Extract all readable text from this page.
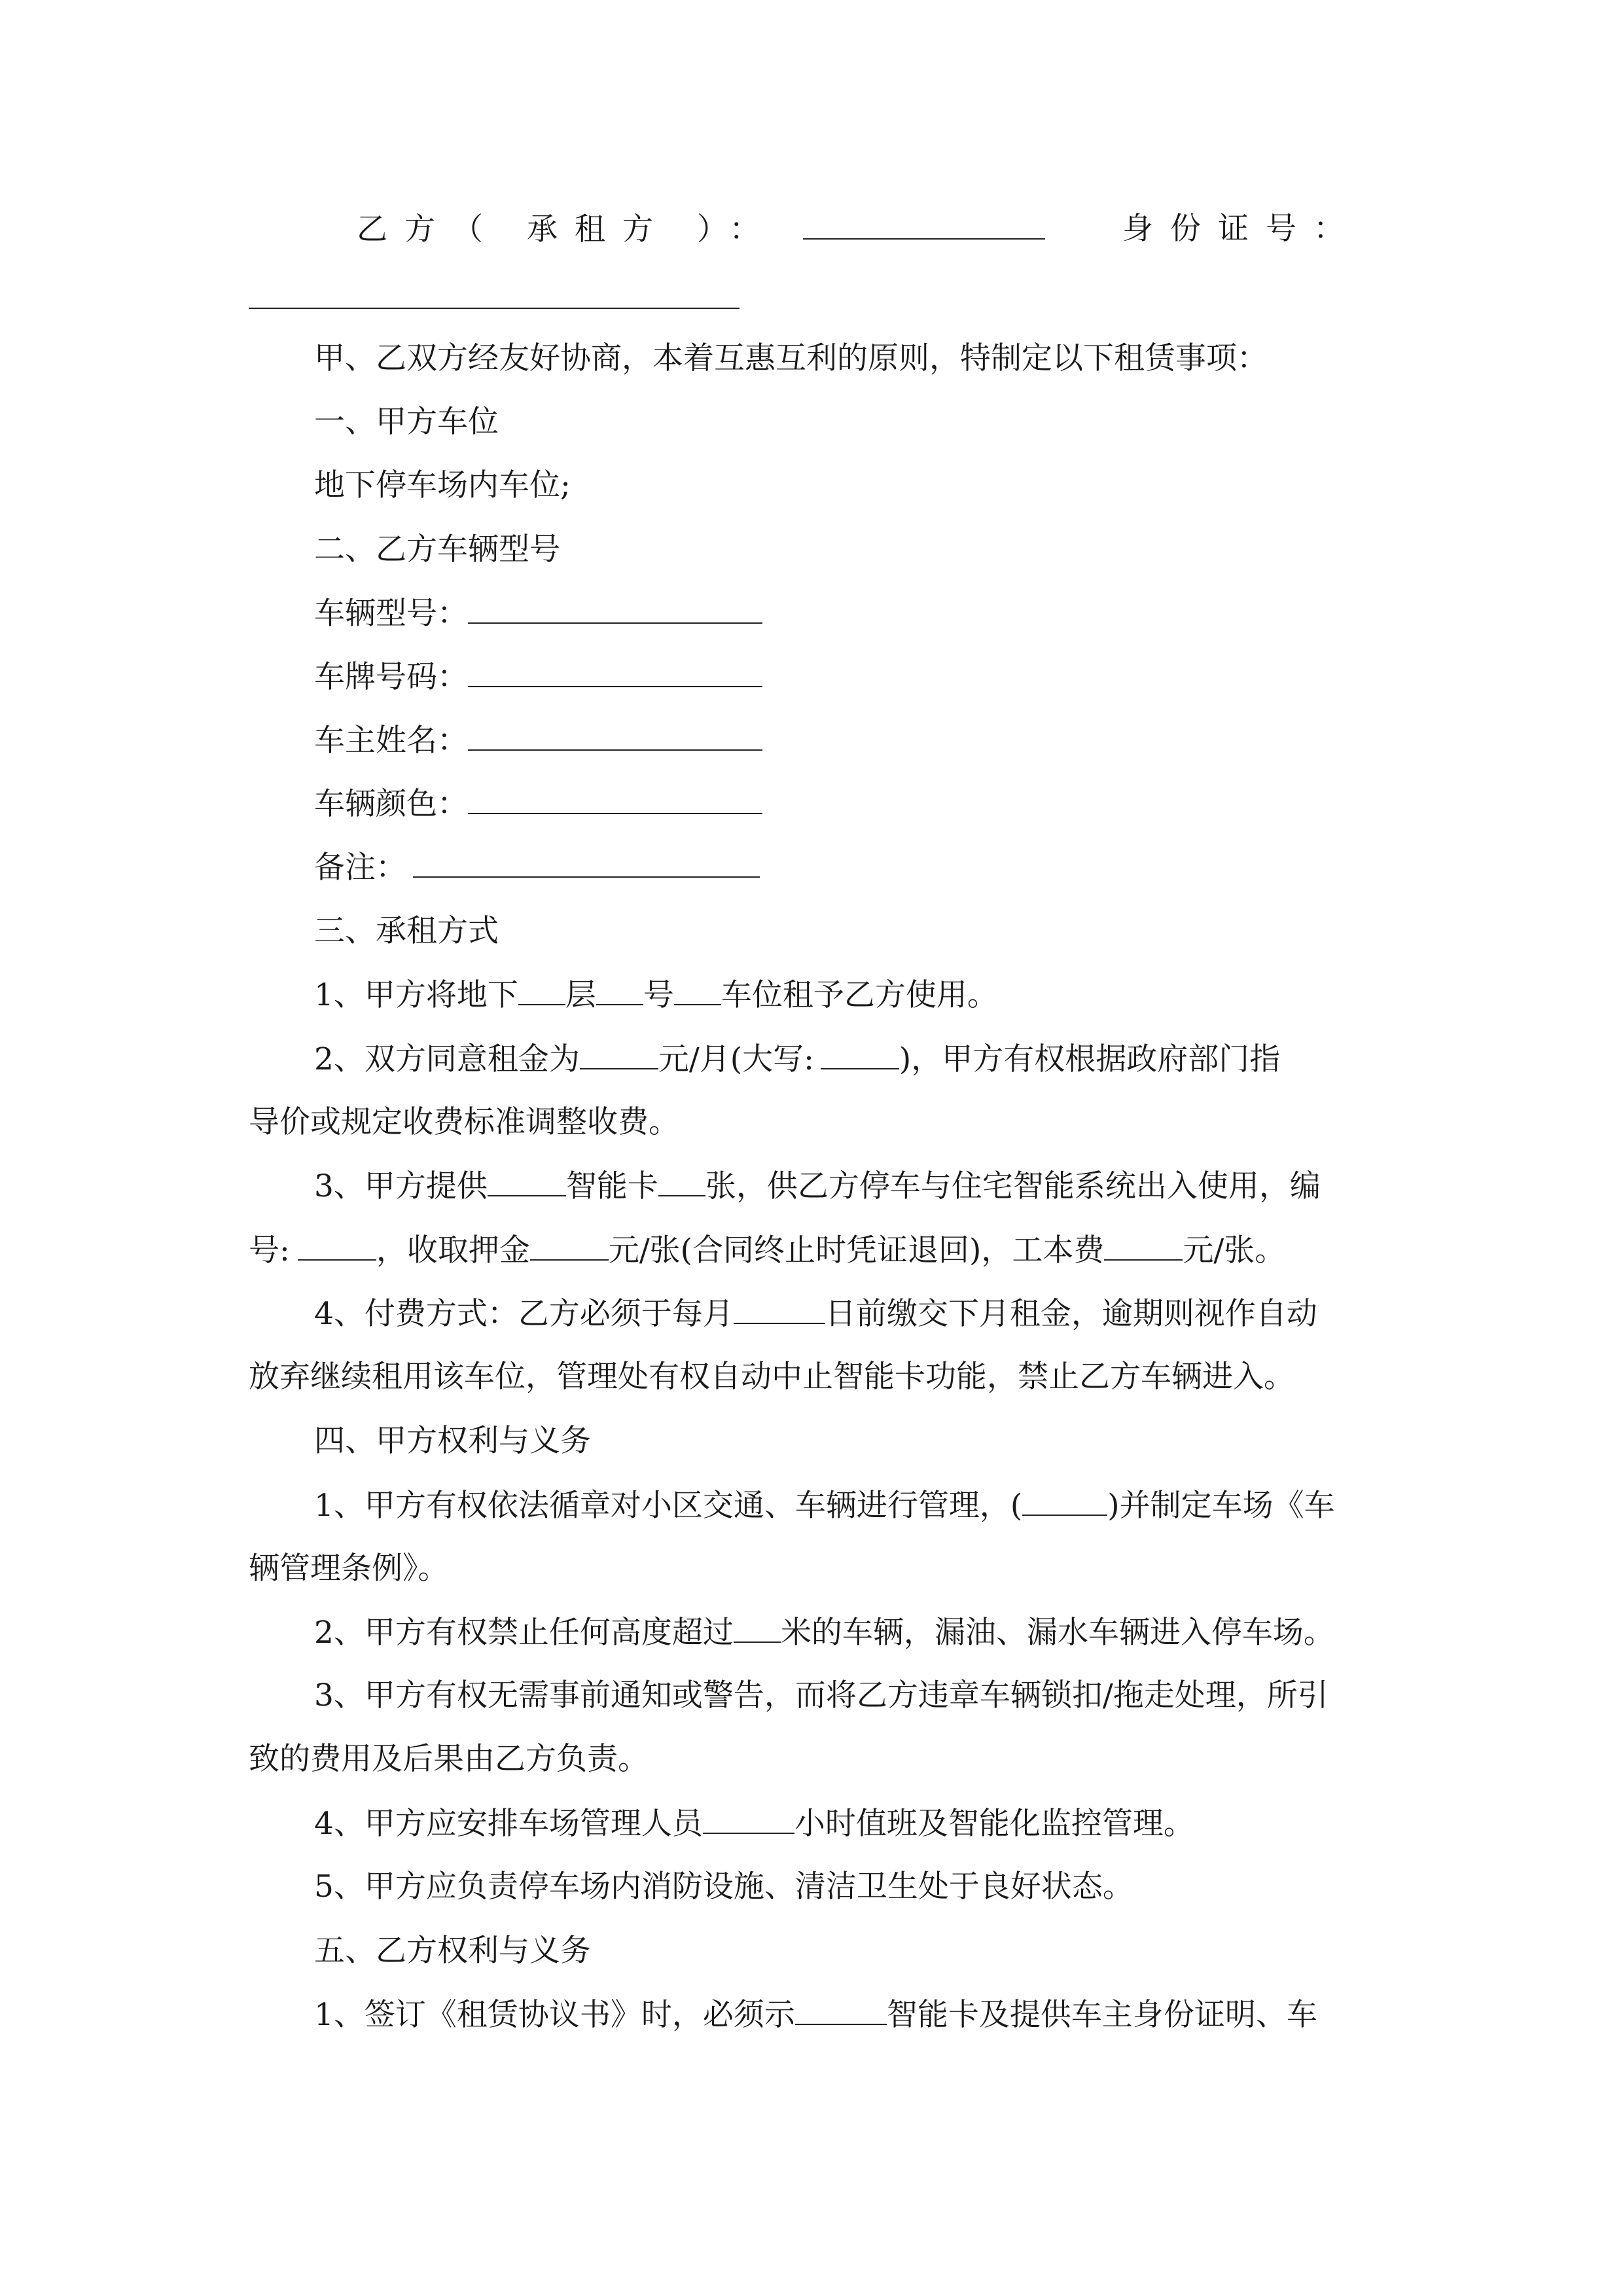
乙方（ 承租方 ）：	身份证号：
甲、乙双方经友好协商，本着互惠互利的原则，特制定以下租赁事项：
一、甲方车位
地下停车场内车位;
二、乙方车辆型号
车辆型号：
车牌号码：
车主姓名：
车辆颜色：
备注：
三、承租方式
1、甲方将地下 层 号 车位租予乙方使用。
2、双方同意租金为	元/月(大写:	)，甲方有权根据政府部门指
导价或规定收费标准调整收费。
3、甲方提供	智能卡 张，供乙方停车与住宅智能系统出入使用，编
号:	，收取押金	元/张(合同终止时凭证退回)，工本费	元/张。
4、付费方式：乙方必须于每月	日前缴交下月租金，逾期则视作自动
放弃继续租用该车位，管理处有权自动中止智能卡功能，禁止乙方车辆进入。
四、甲方权利与义务
1、甲方有权依法循章对小区交通、车辆进行管理，(	)并制定车场《车
辆管理条例》。
2、甲方有权禁止任何高度超过 米的车辆，漏油、漏水车辆进入停车场。
3、甲方有权无需事前通知或警告，而将乙方违章车辆锁扣/拖走处理，所引
致的费用及后果由乙方负责。
4、甲方应安排车场管理人员	小时值班及智能化监控管理。
5、甲方应负责停车场内消防设施、清洁卫生处于良好状态。
五、乙方权利与义务
1、签订《租赁协议书》时，必须示	智能卡及提供车主身份证明、车
